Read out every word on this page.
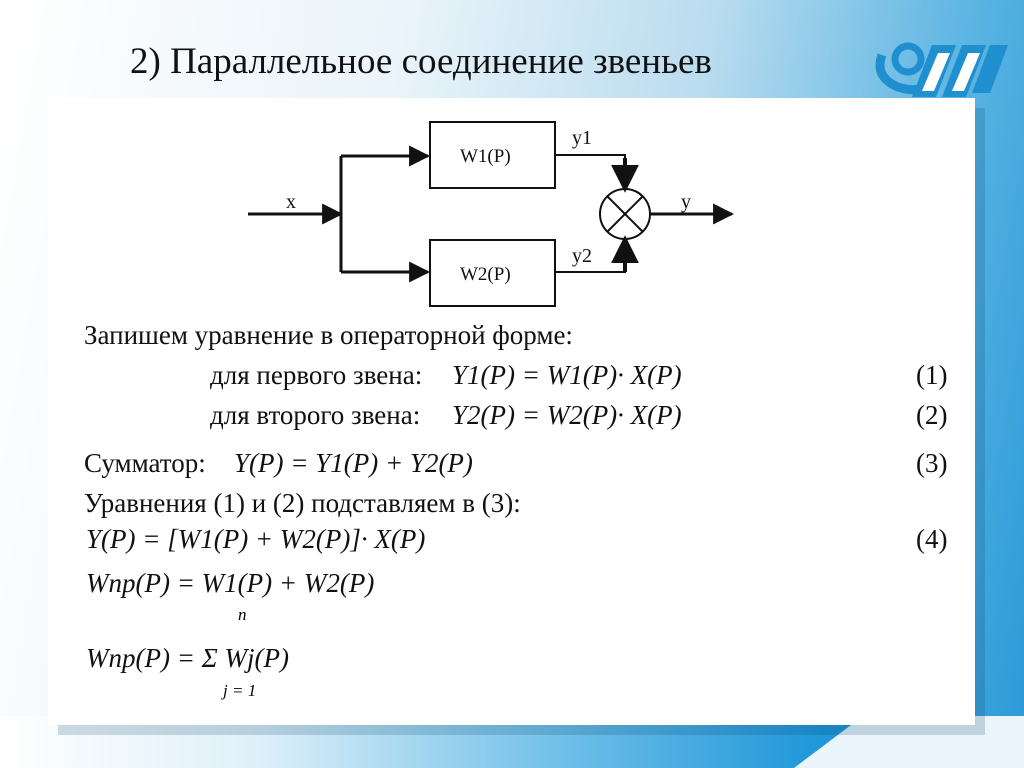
2) Параллельное соединение звеньев
x	y
W1(P)
W2(P)
y1
y2
Запишем уравнение в операторной форме:
для первого звена: Y1(P) = W1(P)· X(P)	(1)
для второго звена: Y2(P) = W2(P)· X(P)	(2)
Сумматор: Y(P) = Y1(P) + Y2(P)	(3)
Уравнения (1) и (2) подставляем в (3):
Y(P) = [W1(P) + W2(P)]· X(P)	(4)
Wпр(P) = W1(P) + W2(P)
Wпр(P) = Σ Wj(P)
n
j = 1
